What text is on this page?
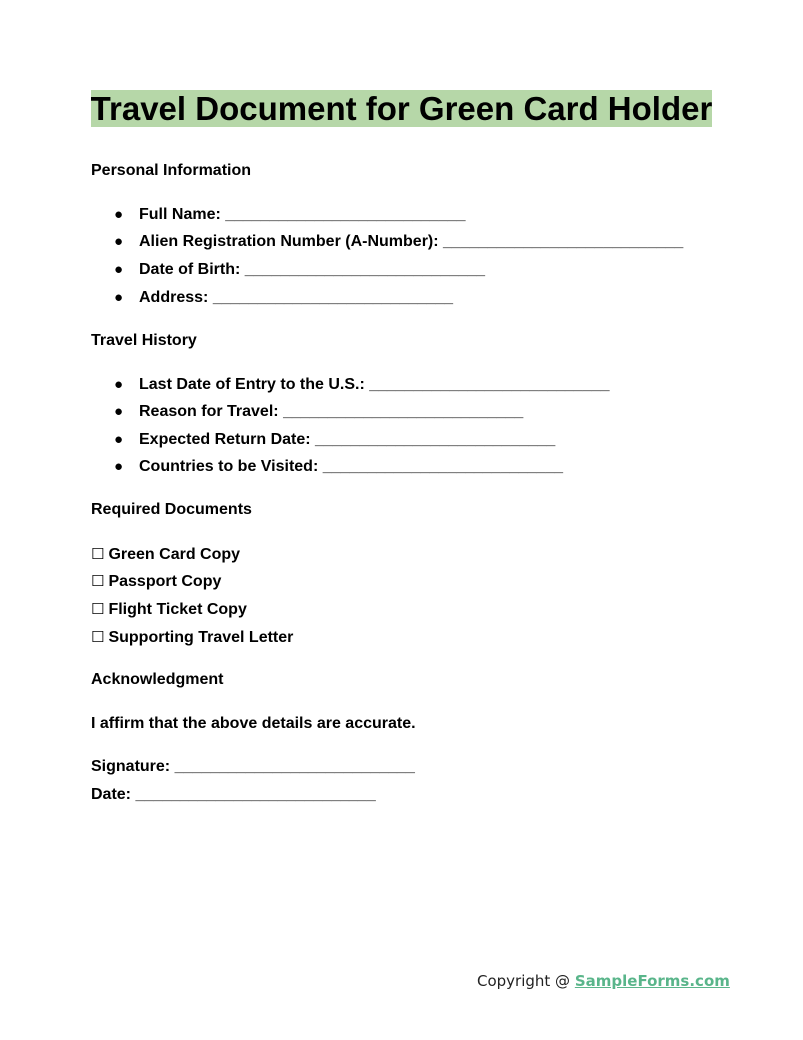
Travel Document for Green Card Holder
Personal Information
● Full Name: ___________________________
● Alien Registration Number (A-Number): ___________________________
● Date of Birth: ___________________________
● Address: ___________________________
Travel History
● Last Date of Entry to the U.S.: ___________________________
● Reason for Travel: ___________________________
● Expected Return Date: ___________________________
● Countries to be Visited: ___________________________
Required Documents
☐ Green Card Copy
☐ Passport Copy
☐ Flight Ticket Copy
☐ Supporting Travel Letter
Acknowledgment
I affirm that the above details are accurate.
Signature: ___________________________
Date: ___________________________
Copyright @ SampleForms.com
